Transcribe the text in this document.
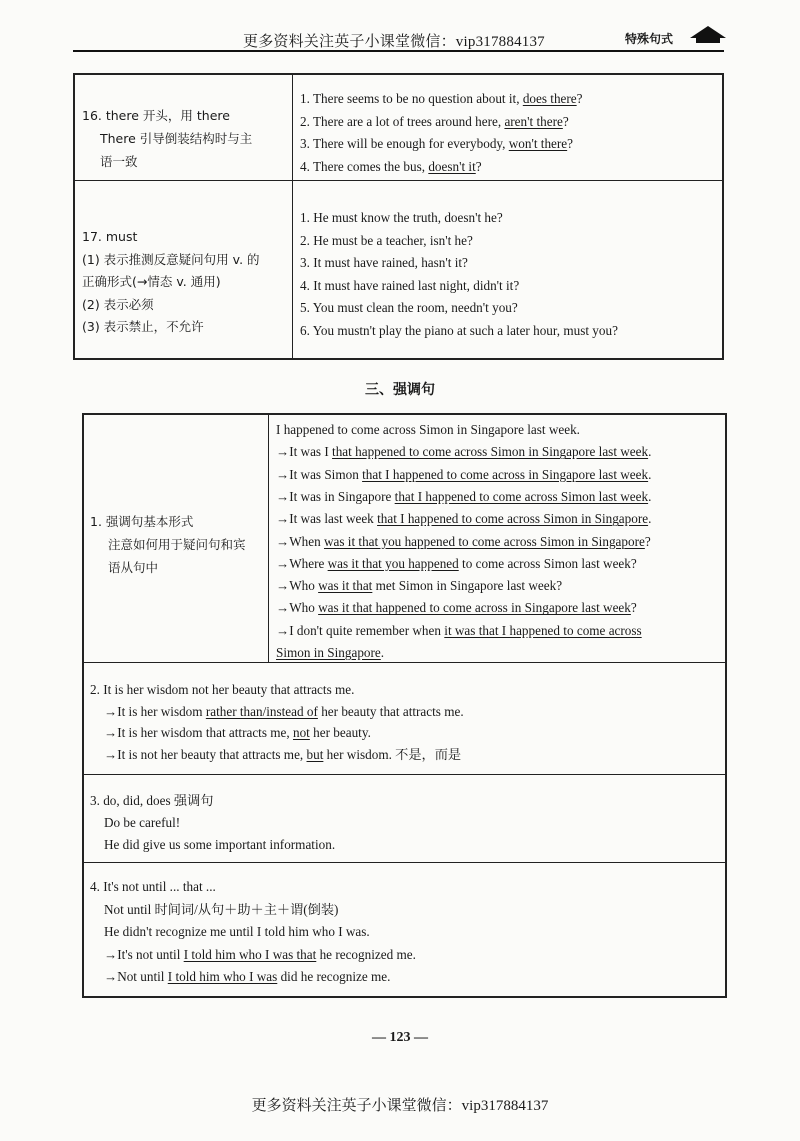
更多资料关注英子小课堂微信：vip317884137	特殊句式
16. there 开头，用 there
There 引导倒装结构时与主
语一致
1. There seems to be no question about it, does there?
2. There are a lot of trees around here, aren't there?
3. There will be enough for everybody, won't there?
4. There comes the bus, doesn't it?
17. must
(1) 表示推测反意疑问句用 v. 的
正确形式(→情态 v. 通用)
(2) 表示必须
(3) 表示禁止，不允许
1. He must know the truth, doesn't he?
2. He must be a teacher, isn't he?
3. It must have rained, hasn't it?
4. It must have rained last night, didn't it?
5. You must clean the room, needn't you?
6. You mustn't play the piano at such a later hour, must you?
三、强调句
1. 强调句基本形式
注意如何用于疑问句和宾
语从句中
I happened to come across Simon in Singapore last week.
→It was I that happened to come across Simon in Singapore last week.
→It was Simon that I happened to come across in Singapore last week.
→It was in Singapore that I happened to come across Simon last week.
→It was last week that I happened to come across Simon in Singapore.
→When was it that you happened to come across Simon in Singapore?
→Where was it that you happened to come across Simon last week?
→Who was it that met Simon in Singapore last week?
→Who was it that happened to come across in Singapore last week?
→I don't quite remember when it was that I happened to come across
Simon in Singapore.
2. It is her wisdom not her beauty that attracts me.
→It is her wisdom rather than/instead of her beauty that attracts me.
→It is her wisdom that attracts me, not her beauty.
→It is not her beauty that attracts me, but her wisdom. 不是，而是
3. do, did, does 强调句
Do be careful!
He did give us some important information.
4. It's not until ... that ...
Not until 时间词/从句＋助＋主＋谓(倒装)
He didn't recognize me until I told him who I was.
→It's not until I told him who I was that he recognized me.
→Not until I told him who I was did he recognize me.
— 123 —
更多资料关注英子小课堂微信：vip317884137
